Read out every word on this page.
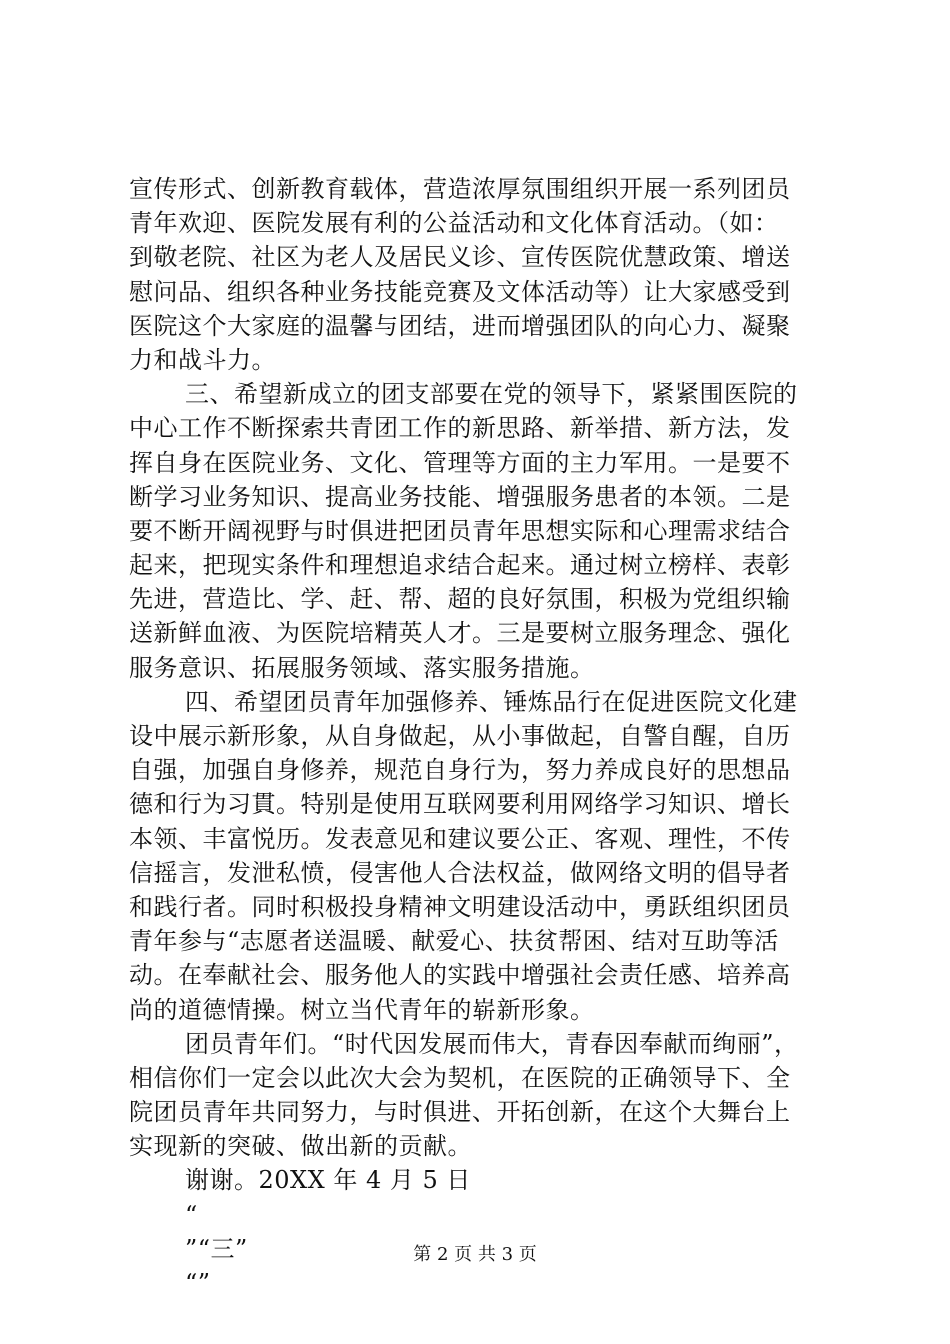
宣传形式、创新教育载体，营造浓厚氛围组织开展一系列团员
青年欢迎、医院发展有利的公益活动和文化体育活动。（如：
到敬老院、社区为老人及居民义诊、宣传医院优慧政策、增送
慰问品、组织各种业务技能竞赛及文体活动等）让大家感受到
医院这个大家庭的温馨与团结，进而增强团队的向心力、凝聚
力和战斗力。
三、希望新成立的团支部要在党的领导下，紧紧围医院的
中心工作不断探索共青团工作的新思路、新举措、新方法，发
挥自身在医院业务、文化、管理等方面的主力军用。一是要不
断学习业务知识、提高业务技能、增强服务患者的本领。二是
要不断开阔视野与时俱进把团员青年思想实际和心理需求结合
起来，把现实条件和理想追求结合起来。通过树立榜样、表彰
先进，营造比、学、赶、帮、超的良好氛围，积极为党组织输
送新鲜血液、为医院培精英人才。三是要树立服务理念、强化
服务意识、拓展服务领域、落实服务措施。
四、希望团员青年加强修养、锤炼品行在促进医院文化建
设中展示新形象，从自身做起，从小事做起，自警自醒，自历
自强，加强自身修养，规范自身行为，努力养成良好的思想品
德和行为习貫。特别是使用互联网要利用网络学习知识、增长
本领、丰富悦历。发表意见和建议要公正、客观、理性，不传
信摇言，发泄私愤，侵害他人合法权益，做网络文明的倡导者
和践行者。同时积极投身精神文明建设活动中，勇跃组织团员
青年参与“志愿者送温暖、献爱心、扶贫帮困、结对互助等活
动。在奉献社会、服务他人的实践中增强社会责任感、培养高
尚的道德情操。树立当代青年的崭新形象。
团员青年们。“时代因发展而伟大，青春因奉献而绚丽”，
相信你们一定会以此次大会为契机，在医院的正确领导下、全
院团员青年共同努力，与时俱进、开拓创新，在这个大舞台上
实现新的突破、做出新的贡献。
谢谢。20XX 年 4 月 5 日
“
”“三”
“”
第 2 页 共 3 页
